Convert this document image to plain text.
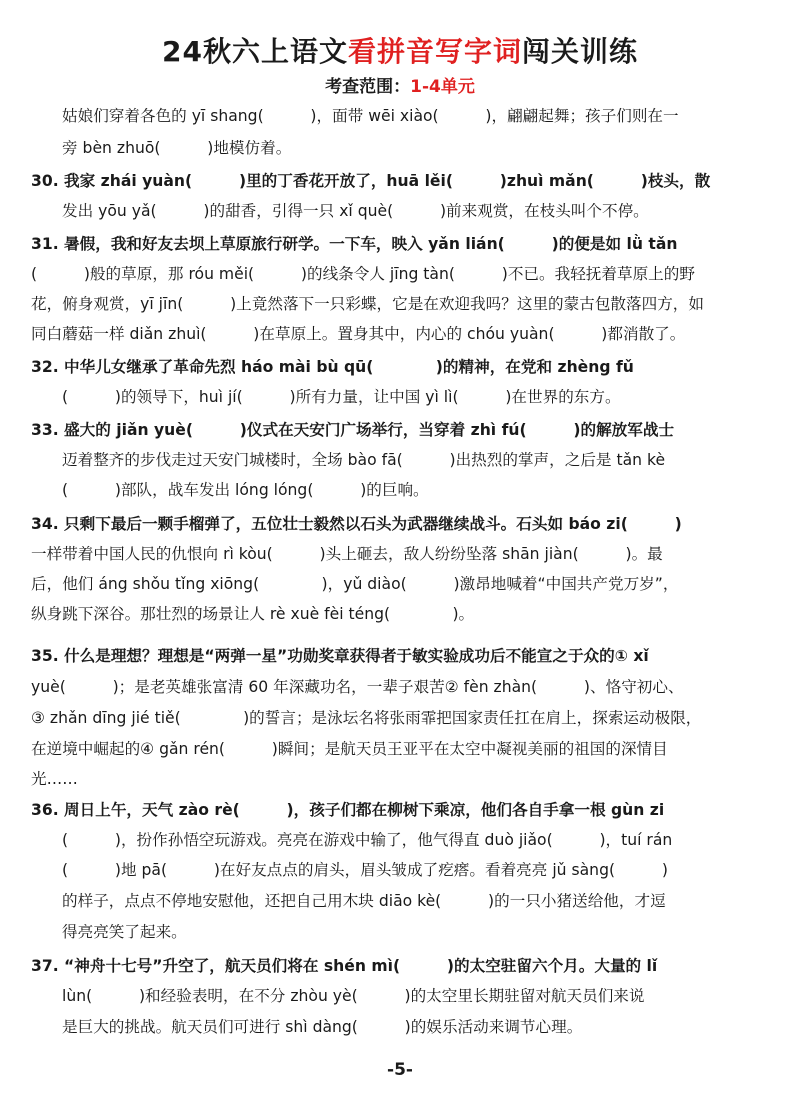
24秋六上语文看拼音写字词闯关训练
考查范围：1-4单元
姑娘们穿着各色的 yī shang(　　　)，面带 wēi xiào(　　　)，翩翩起舞；孩子们则在一
旁 bèn zhuō(　　　)地模仿着。
30. 我家 zhái yuàn(　　　)里的丁香花开放了，huā lěi(　　　)zhuì mǎn(　　　)枝头，散
发出 yōu yǎ(　　　)的甜香，引得一只 xǐ què(　　　)前来观赏，在枝头叫个不停。
31. 暑假，我和好友去坝上草原旅行研学。一下车，映入 yǎn lián(　　　)的便是如 lǜ tǎn
(　　　)般的草原，那 róu měi(　　　)的线条令人 jīng tàn(　　　)不已。我轻抚着草原上的野
花，俯身观赏，yī jīn(　　　)上竟然落下一只彩蝶，它是在欢迎我吗？这里的蒙古包散落四方，如
同白蘑菇一样 diǎn zhuì(　　　)在草原上。置身其中，内心的 chóu yuàn(　　　)都消散了。
32. 中华儿女继承了革命先烈 háo mài bù qū(　　　　)的精神，在党和 zhèng fǔ
(　　　)的领导下，huì jí(　　　)所有力量，让中国 yì lì(　　　)在世界的东方。
33. 盛大的 jiǎn yuè(　　　)仪式在天安门广场举行，当穿着 zhì fú(　　　)的解放军战士
迈着整齐的步伐走过天安门城楼时，全场 bào fā(　　　)出热烈的掌声，之后是 tǎn kè
(　　　)部队，战车发出 lóng lóng(　　　)的巨响。
34. 只剩下最后一颗手榴弹了，五位壮士毅然以石头为武器继续战斗。石头如 báo zi(　　　)
一样带着中国人民的仇恨向 rì kòu(　　　)头上砸去，敌人纷纷坠落 shān jiàn(　　　)。最
后，他们 áng shǒu tǐng xiōng(　　　　)，yǔ diào(　　　)激昂地喊着“中国共产党万岁”，
纵身跳下深谷。那壮烈的场景让人 rè xuè fèi téng(　　　　)。
35. 什么是理想？理想是“两弹一星”功勋奖章获得者于敏实验成功后不能宣之于众的① xǐ
yuè(　　　)；是老英雄张富清 60 年深藏功名，一辈子艰苦② fèn zhàn(　　　)、恪守初心、
③ zhǎn dīng jié tiě(　　　　)的誓言；是泳坛名将张雨霏把国家责任扛在肩上，探索运动极限，
在逆境中崛起的④ gǎn rén(　　　)瞬间；是航天员王亚平在太空中凝视美丽的祖国的深情目
光……
36. 周日上午，天气 zào rè(　　　)，孩子们都在柳树下乘凉，他们各自手拿一根 gùn zi
(　　　)，扮作孙悟空玩游戏。亮亮在游戏中输了，他气得直 duò jiǎo(　　　)，tuí rán
(　　　)地 pā(　　　)在好友点点的肩头，眉头皱成了疙瘩。看着亮亮 jǔ sàng(　　　)
的样子，点点不停地安慰他，还把自己用木块 diāo kè(　　　)的一只小猪送给他，才逗
得亮亮笑了起来。
37. “神舟十七号”升空了，航天员们将在 shén mì(　　　)的太空驻留六个月。大量的 lǐ
lùn(　　　)和经验表明，在不分 zhòu yè(　　　)的太空里长期驻留对航天员们来说
是巨大的挑战。航天员们可进行 shì dàng(　　　)的娱乐活动来调节心理。
-5-
